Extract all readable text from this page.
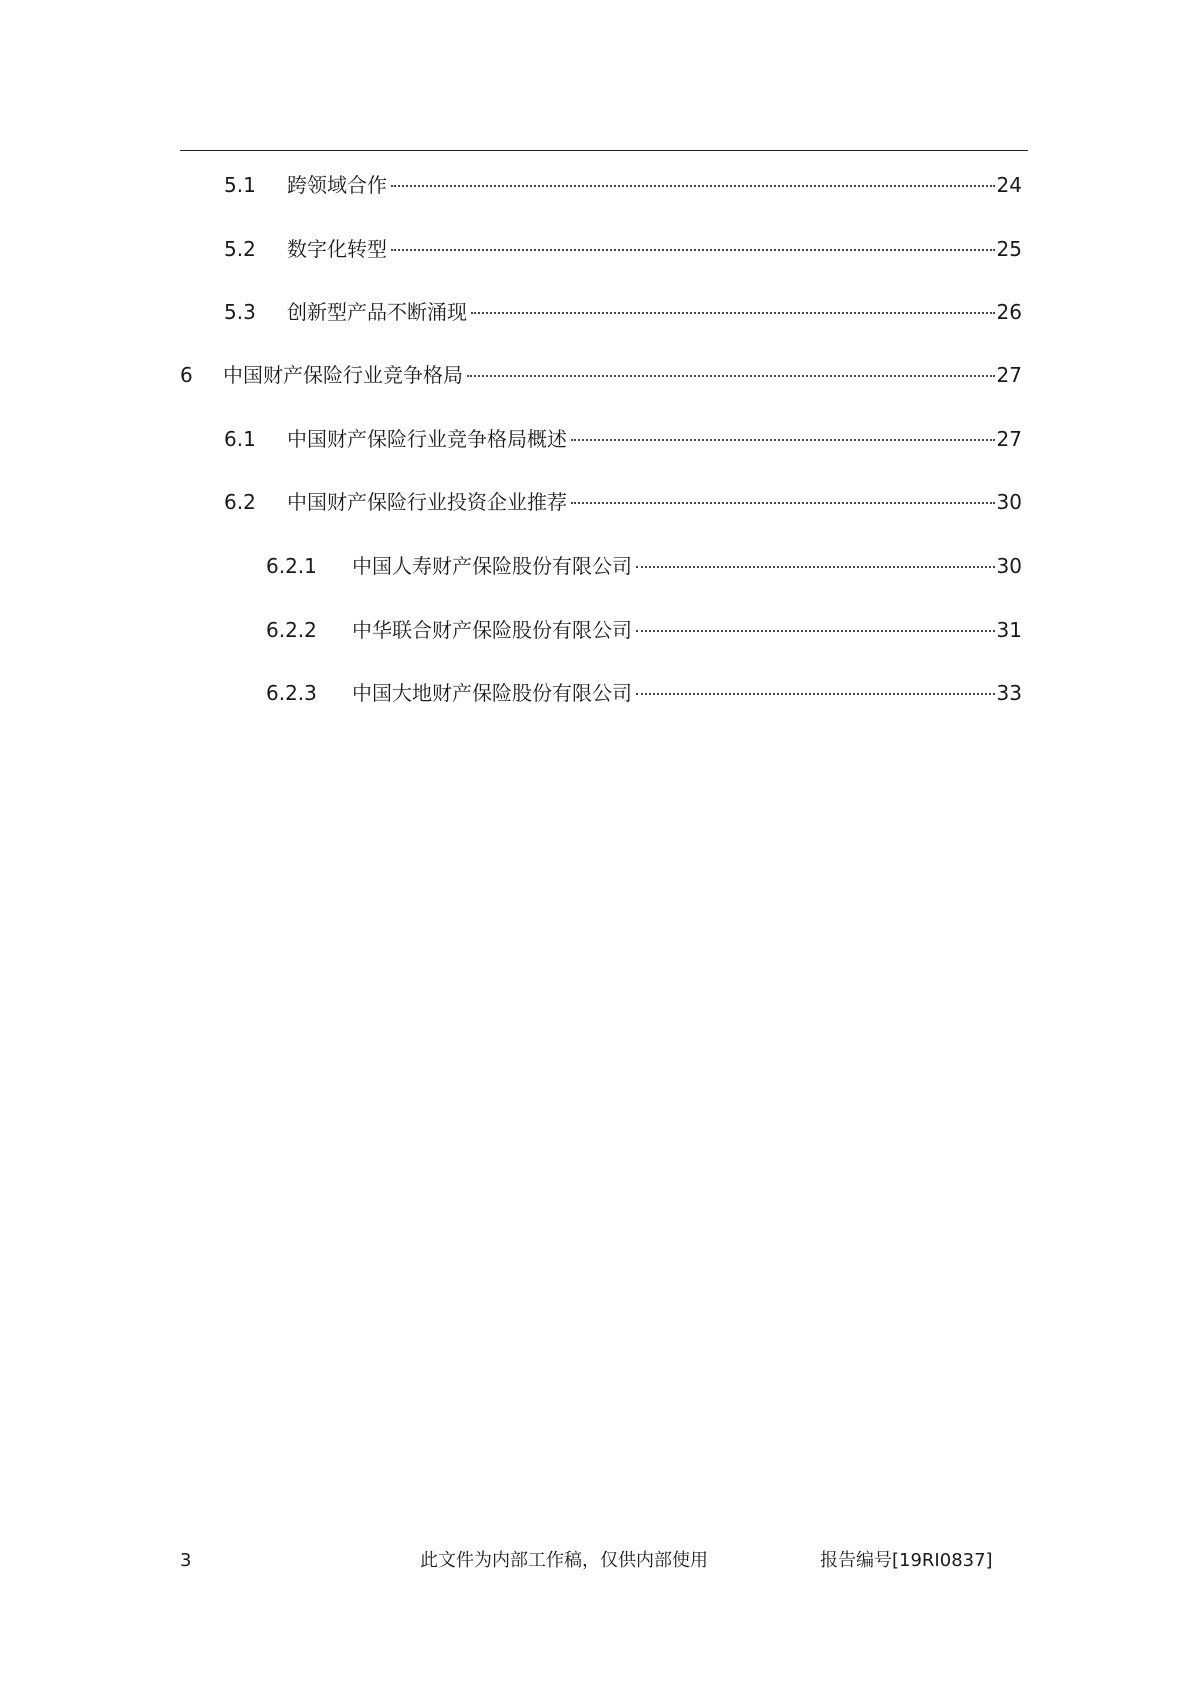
5.1	跨领域合作	24
5.2	数字化转型	25
5.3	创新型产品不断涌现	26
6	中国财产保险行业竞争格局	27
6.1	中国财产保险行业竞争格局概述	27
6.2	中国财产保险行业投资企业推荐	30
6.2.1	中国人寿财产保险股份有限公司	30
6.2.2	中华联合财产保险股份有限公司	31
6.2.3	中国大地财产保险股份有限公司	33
3	此文件为内部工作稿，仅供内部使用	报告编号[19RI0837]
